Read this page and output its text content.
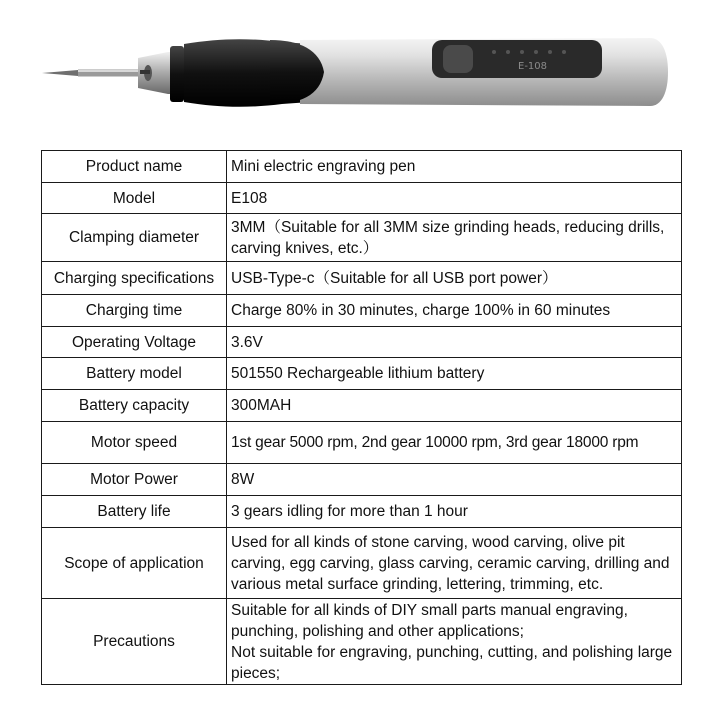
E-108
Product name	Mini electric engraving pen
Model	E108
Clamping diameter	3MM（Suitable for all 3MM size grinding heads, reducing drills, carving knives, etc.）
Charging specifications	USB-Type-c（Suitable for all USB port power）
Charging time	Charge 80% in 30 minutes, charge 100% in 60 minutes
Operating Voltage	3.6V
Battery model	501550 Rechargeable lithium battery
Battery capacity	300MAH
Motor speed	1st gear 5000 rpm, 2nd gear 10000 rpm, 3rd gear 18000 rpm
Motor Power	8W
Battery life	3 gears idling for more than 1 hour
Scope of application	Used for all kinds of stone carving, wood carving, olive pit carving, egg carving, glass carving, ceramic carving, drilling and various metal surface grinding, lettering, trimming, etc.
Precautions	Suitable for all kinds of DIY small parts manual engraving, punching, polishing and other applications;
Not suitable for engraving, punching, cutting, and polishing large pieces;
